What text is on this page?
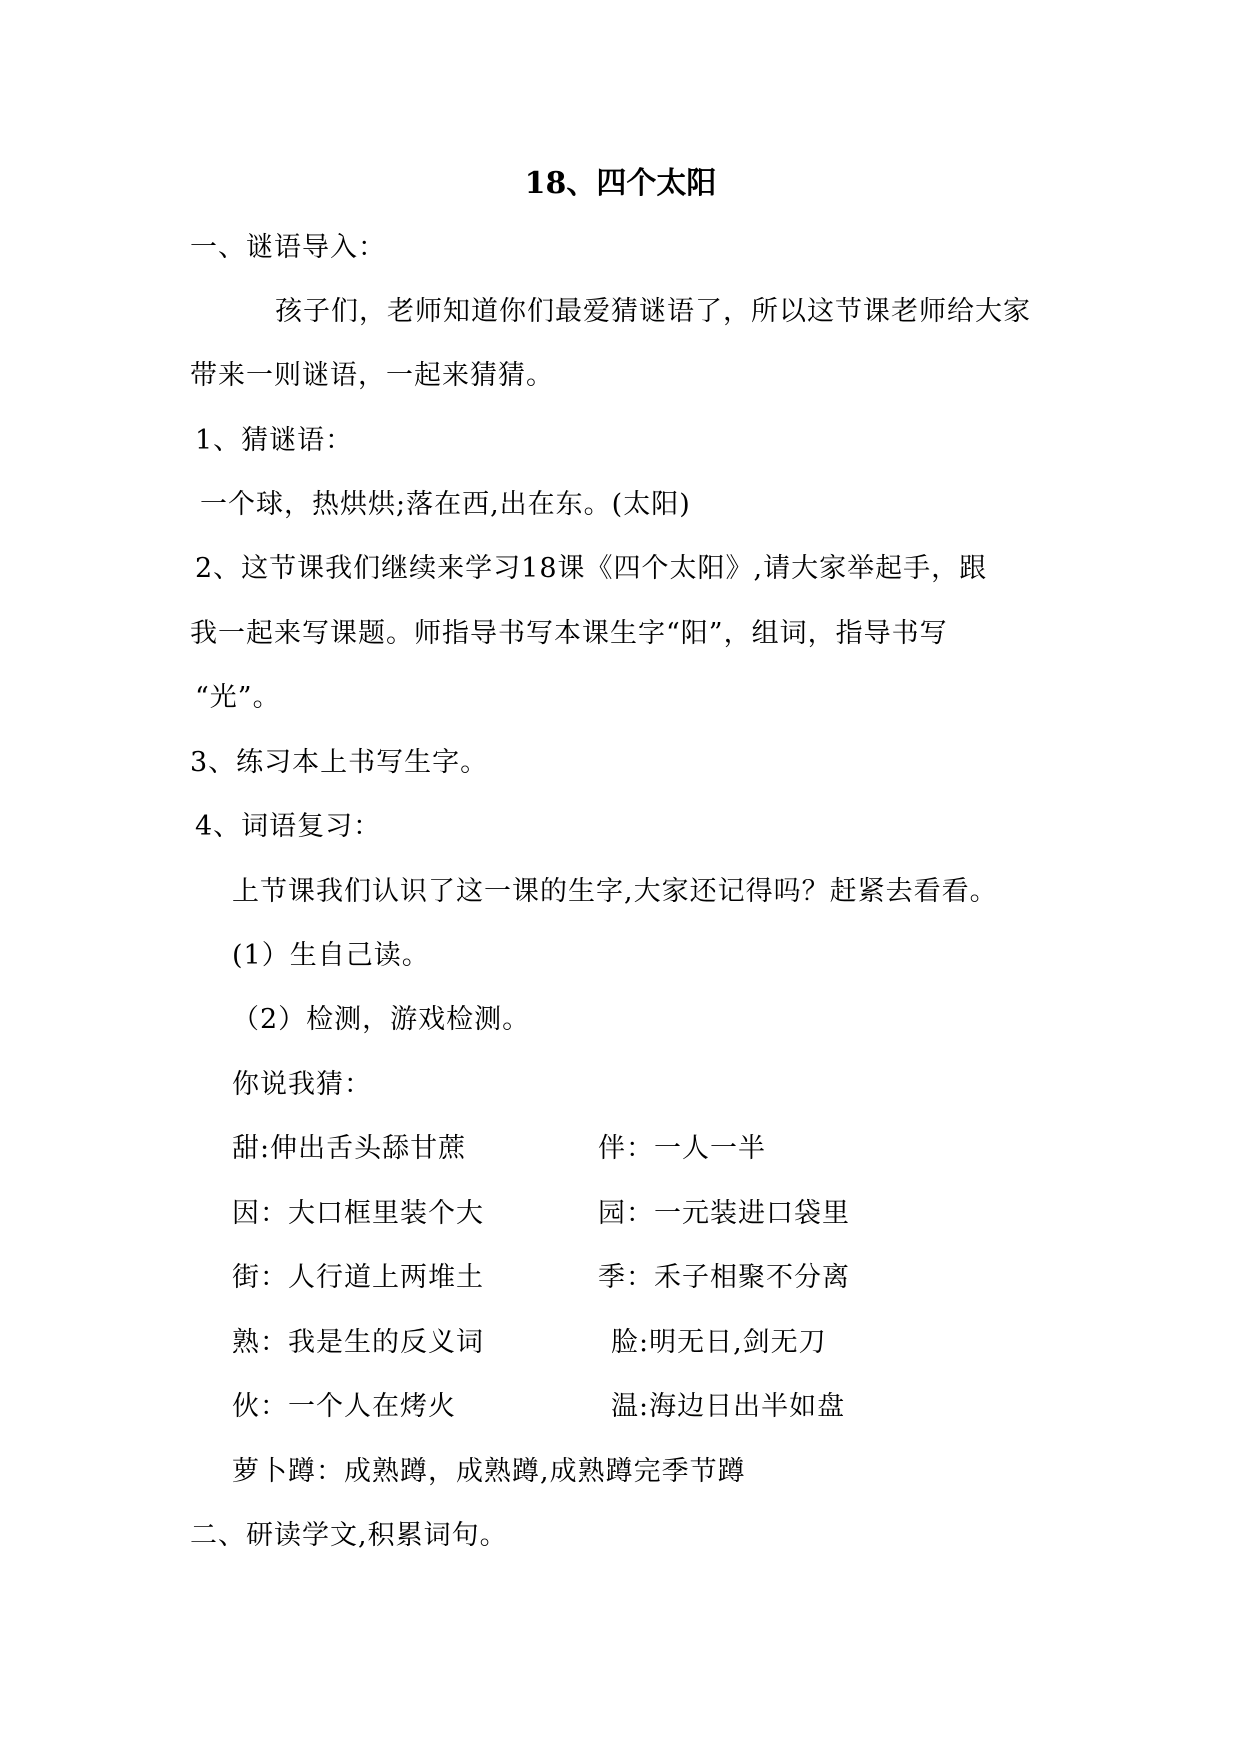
18、四个太阳
一、谜语导入：
孩子们，老师知道你们最爱猜谜语了，所以这节课老师给大家
带来一则谜语，一起来猜猜。
1、猜谜语：
一个球，热烘烘;落在西,出在东。(太阳)
2、这节课我们继续来学习18课《四个太阳》,请大家举起手，跟
我一起来写课题。师指导书写本课生字“阳”，组词，指导书写
“光”。
3、练习本上书写生字。
4、词语复习：
上节课我们认识了这一课的生字,大家还记得吗？赶紧去看看。
(1）生自己读。
（2）检测，游戏检测。
你说我猜：
甜:伸出舌头舔甘蔗	伴：一人一半
因：大口框里装个大	园：一元装进口袋里
街：人行道上两堆土	季：禾子相聚不分离
熟：我是生的反义词	脸:明无日,剑无刀
伙：一个人在烤火	温:海边日出半如盘
萝卜蹲：成熟蹲，成熟蹲,成熟蹲完季节蹲
二、研读学文,积累词句。
